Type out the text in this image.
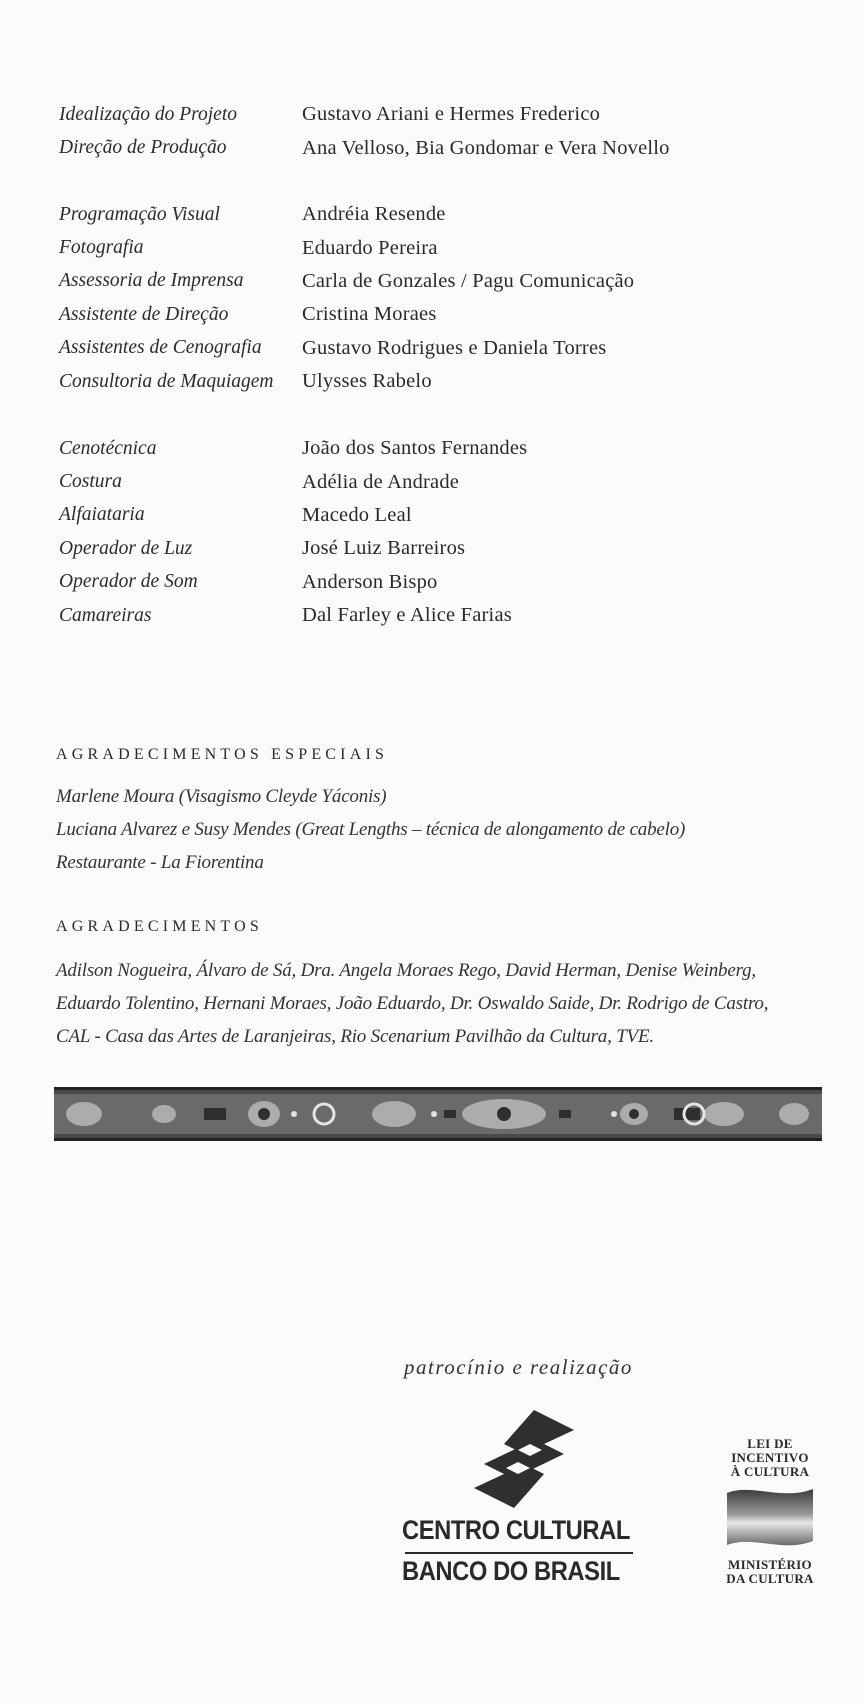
Idealização do Projeto	Gustavo Ariani e Hermes Frederico
Direção de Produção	Ana Velloso, Bia Gondomar e Vera Novello
Programação Visual	Andréia Resende
Fotografia	Eduardo Pereira
Assessoria de Imprensa	Carla de Gonzales / Pagu Comunicação
Assistente de Direção	Cristina Moraes
Assistentes de Cenografia	Gustavo Rodrigues e Daniela Torres
Consultoria de Maquiagem	Ulysses Rabelo
Cenotécnica	João dos Santos Fernandes
Costura	Adélia de Andrade
Alfaiataria	Macedo Leal
Operador de Luz	José Luiz Barreiros
Operador de Som	Anderson Bispo
Camareiras	Dal Farley e Alice Farias
AGRADECIMENTOS ESPECIAIS
Marlene Moura (Visagismo Cleyde Yáconis)
Luciana Alvarez e Susy Mendes (Great Lengths – técnica de alongamento de cabelo)
Restaurante - La Fiorentina
AGRADECIMENTOS
Adilson Nogueira, Álvaro de Sá, Dra. Angela Moraes Rego, David Herman, Denise Weinberg,
Eduardo Tolentino, Hernani Moraes, João Eduardo, Dr. Oswaldo Saide, Dr. Rodrigo de Castro,
CAL - Casa das Artes de Laranjeiras, Rio Scenarium Pavilhão da Cultura, TVE.
patrocínio e realização
CENTRO CULTURAL
BANCO DO BRASIL
LEI DE
INCENTIVO
À CULTURA
MINISTÉRIO
DA CULTURA
